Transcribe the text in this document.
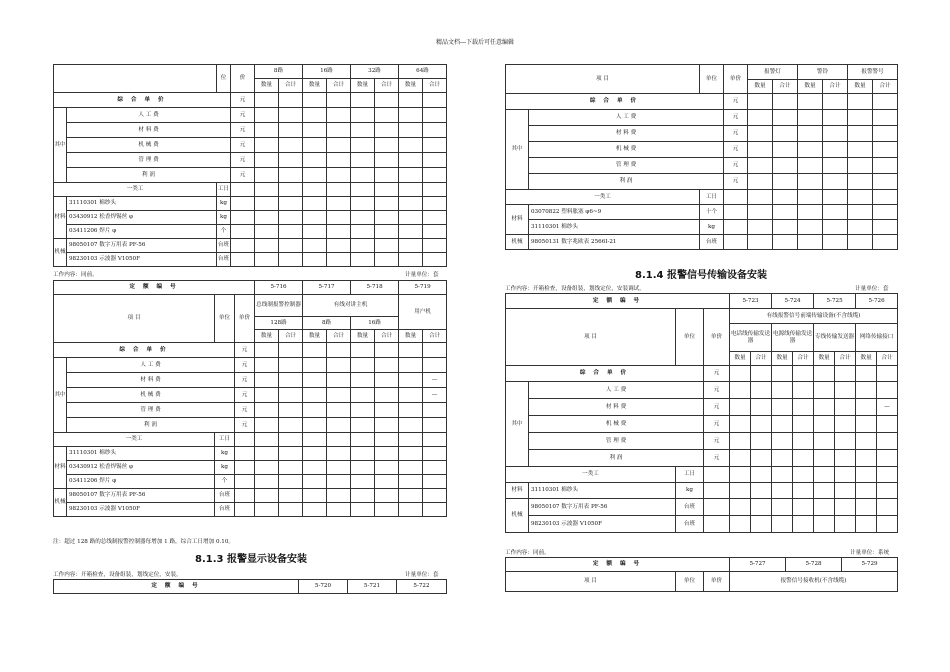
精品文档---下载后可任意编辑
		位	价	8路		16路		32路		64路	
				数量	合计	数量	合计	数量	合计	数量	合计
综 合 单 价			元								
其中	人 工 费		元								
	材 料 费		元								
	机 械 费		元								
	管 理 费		元								
	利 润		元								
一类工		工日									
材料	31110301 棉纱头	kg									
	03430912 松香焊锡丝 φ	kg									
	03411206 焊片 φ	个									
机械	98050107 数字万用表 PF-56	台班									
	98230103 示波器 V1050F	台班									
工作内容：同前。	计量单位：套
定 额 编 号				5-716		5-717		5-718		5-719	
项 目		单位	单价	总线制报警控制器		有线对讲主机				用户机	
				128路		8路		16路			
				数量	合计	数量	合计	数量	合计	数量	合计
综 合 单 价			元								
其中	人 工 费		元								
	材 料 费		元								—
	机 械 费		元								—
	管 理 费		元								
	利 润		元								
一类工		工日									
材料	31110301 棉纱头	kg									
	03430912 松香焊锡丝 φ	kg									
	03411206 焊片 φ	个									
机械	98050107 数字万用表 PF-56	台班									
	98230103 示波器 V1050F	台班									
注：超过 128 路的总线制报警控制器每增加 1 路，综合工日增加 0.10。
8.1.3 报警显示设备安装
工作内容：开箱检查，设备组装，划线定位，安装。	计量单位：套
定 额 编 号	5-720	5-721	5-722
项 目		单位	单价	报警灯		警铃		报警警号	
				数量	合计	数量	合计	数量	合计
综 合 单 价			元						
其中	人 工 费		元						
	材 料 费		元						
	机 械 费		元						
	管 理 费		元						
	利 润		元						
一类工		工日							
材料	03070822 塑料胀塞 φ6~9	十个							
	31110301 棉纱头	kg							
机械	98050131 数字兆欧表 2566I-21	台班							
8.1.4 报警信号传输设备安装
工作内容：开箱检查，设备组装，划线定位，安装调试。	计量单位：套
定 额 编 号				5-723		5-724		5-725		5-726	
项 目		单位	单价	有线报警信号前端传输设备(不含线缆)							
				电话线传输发送器		电源线传输发送器		专线传输发送器		网络传输接口	
				数量	合计	数量	合计	数量	合计	数量	合计
综 合 单 价			元								
其中	人 工 费		元								
	材 料 费		元								—
	机 械 费		元								
	管 理 费		元								
	利 润		元								
一类工		工日									
材料	31110301 棉纱头	kg									
机械	98050107 数字万用表 PF-56	台班									
	98230103 示波器 V1050F	台班									
工作内容：同前。	计量单位：系统
定 额 编 号			5-727	5-728	5-729
项 目	单位	单价	报警信号接收机(不含线缆)		
